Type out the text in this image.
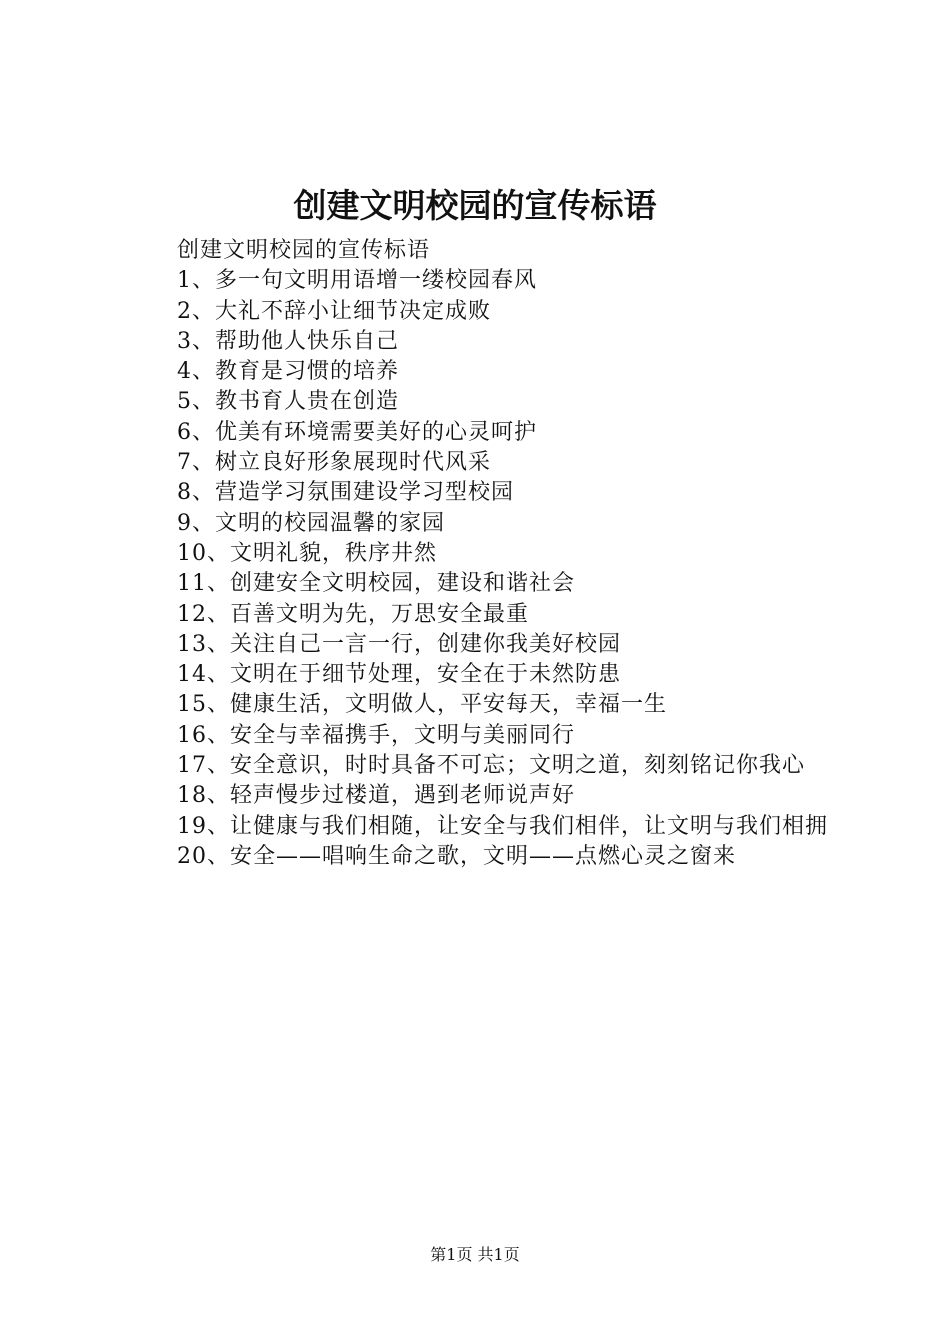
创建文明校园的宣传标语

创建文明校园的宣传标语

1、多一句文明用语增一缕校园春风

2、大礼不辞小让细节决定成败

3、帮助他人快乐自己

4、教育是习惯的培养

5、教书育人贵在创造

6、优美有环境需要美好的心灵呵护

7、树立良好形象展现时代风采

8、营造学习氛围建设学习型校园

9、文明的校园温馨的家园

10、文明礼貌，秩序井然

11、创建安全文明校园，建设和谐社会

12、百善文明为先，万思安全最重

13、关注自己一言一行，创建你我美好校园

14、文明在于细节处理，安全在于未然防患

15、健康生活，文明做人，平安每天，幸福一生

16、安全与幸福携手，文明与美丽同行

17、安全意识，时时具备不可忘；文明之道，刻刻铭记你我心

18、轻声慢步过楼道，遇到老师说声好

19、让健康与我们相随，让安全与我们相伴，让文明与我们相拥

20、安全——唱响生命之歌，文明——点燃心灵之窗来

第1页 共1页
